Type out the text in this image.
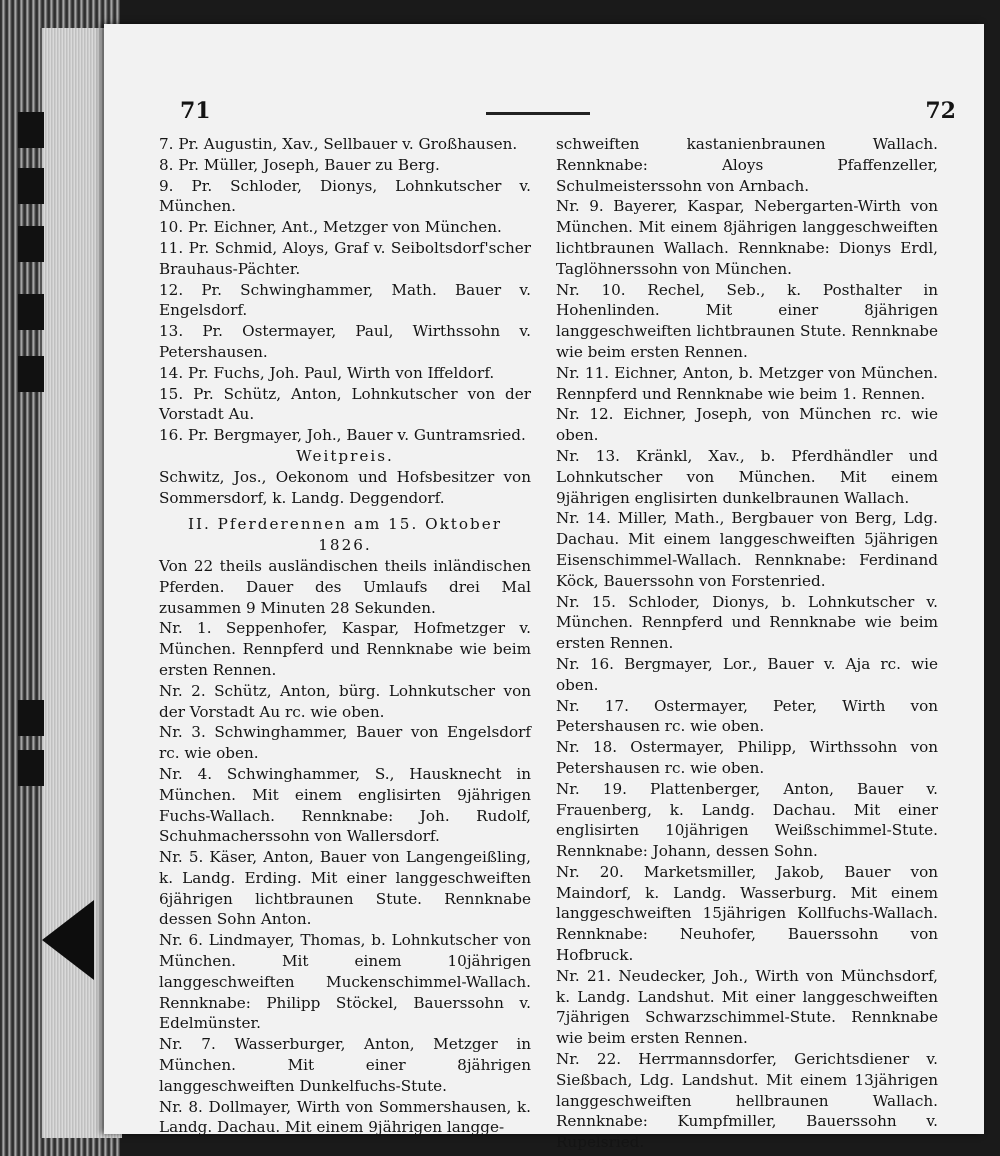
71	72

7. Pr. Augustin, Xav., Sellbauer v. Großhausen.

8. Pr. Müller, Joseph, Bauer zu Berg.

9. Pr. Schloder, Dionys, Lohnkutscher v. München.

10. Pr. Eichner, Ant., Metzger von München.

11. Pr. Schmid, Aloys, Graf v. Seiboltsdorf'scher Brauhaus-Pächter.

12. Pr. Schwinghammer, Math. Bauer v. Engelsdorf.

13. Pr. Ostermayer, Paul, Wirthssohn v. Petershausen.

14. Pr. Fuchs, Joh. Paul, Wirth von Iffeldorf.

15. Pr. Schütz, Anton, Lohnkutscher von der Vorstadt Au.

16. Pr. Bergmayer, Joh., Bauer v. Guntramsried.

Weitpreis.

Schwitz, Jos., Oekonom und Hofsbesitzer von Sommersdorf, k. Landg. Deggendorf.

II. Pferderennen am 15. Oktober 1826.

Von 22 theils ausländischen theils inländischen Pferden. Dauer des Umlaufs drei Mal zusammen 9 Minuten 28 Sekunden.

Nr. 1. Seppenhofer, Kaspar, Hofmetzger v. München. Rennpferd und Rennknabe wie beim ersten Rennen.

Nr. 2. Schütz, Anton, bürg. Lohnkutscher von der Vorstadt Au rc. wie oben.

Nr. 3. Schwinghammer, Bauer von Engelsdorf rc. wie oben.

Nr. 4. Schwinghammer, S., Hausknecht in München. Mit einem englisirten 9jährigen Fuchs-Wallach. Rennknabe: Joh. Rudolf, Schuhmacherssohn von Wallersdorf.

Nr. 5. Käser, Anton, Bauer von Langengeißling, k. Landg. Erding. Mit einer langgeschweiften 6jährigen lichtbraunen Stute. Rennknabe dessen Sohn Anton.

Nr. 6. Lindmayer, Thomas, b. Lohnkutscher von München. Mit einem 10jährigen langgeschweiften Muckenschimmel-Wallach. Rennknabe: Philipp Stöckel, Bauerssohn v. Edelmünster.

Nr. 7. Wasserburger, Anton, Metzger in München. Mit einer 8jährigen langgeschweiften Dunkelfuchs-Stute.

Nr. 8. Dollmayer, Wirth von Sommershausen, k. Landg. Dachau. Mit einem 9jährigen langge-

schweiften kastanienbraunen Wallach. Rennknabe: Aloys Pfaffenzeller, Schulmeisterssohn von Arnbach.

Nr. 9. Bayerer, Kaspar, Nebergarten-Wirth von München. Mit einem 8jährigen langgeschweiften lichtbraunen Wallach. Rennknabe: Dionys Erdl, Taglöhnerssohn von München.

Nr. 10. Rechel, Seb., k. Posthalter in Hohenlinden. Mit einer 8jährigen langgeschweiften lichtbraunen Stute. Rennknabe wie beim ersten Rennen.

Nr. 11. Eichner, Anton, b. Metzger von München. Rennpferd und Rennknabe wie beim 1. Rennen.

Nr. 12. Eichner, Joseph, von München rc. wie oben.

Nr. 13. Kränkl, Xav., b. Pferdhändler und Lohnkutscher von München. Mit einem 9jährigen englisirten dunkelbraunen Wallach.

Nr. 14. Miller, Math., Bergbauer von Berg, Ldg. Dachau. Mit einem langgeschweiften 5jährigen Eisenschimmel-Wallach. Rennknabe: Ferdinand Köck, Bauerssohn von Forstenried.

Nr. 15. Schloder, Dionys, b. Lohnkutscher v. München. Rennpferd und Rennknabe wie beim ersten Rennen.

Nr. 16. Bergmayer, Lor., Bauer v. Aja rc. wie oben.

Nr. 17. Ostermayer, Peter, Wirth von Petershausen rc. wie oben.

Nr. 18. Ostermayer, Philipp, Wirthssohn von Petershausen rc. wie oben.

Nr. 19. Plattenberger, Anton, Bauer v. Frauenberg, k. Landg. Dachau. Mit einer englisirten 10jährigen Weißschimmel-Stute. Rennknabe: Johann, dessen Sohn.

Nr. 20. Marketsmiller, Jakob, Bauer von Maindorf, k. Landg. Wasserburg. Mit einem langgeschweiften 15jährigen Kollfuchs-Wallach. Rennknabe: Neuhofer, Bauerssohn von Hofbruck.

Nr. 21. Neudecker, Joh., Wirth von Münchsdorf, k. Landg. Landshut. Mit einer langgeschweiften 7jährigen Schwarzschimmel-Stute. Rennknabe wie beim ersten Rennen.

Nr. 22. Herrmannsdorfer, Gerichtsdiener v. Sießbach, Ldg. Landshut. Mit einem 13jährigen langgeschweiften hellbraunen Wallach. Rennknabe: Kumpfmiller, Bauerssohn v. Rupelsried.
